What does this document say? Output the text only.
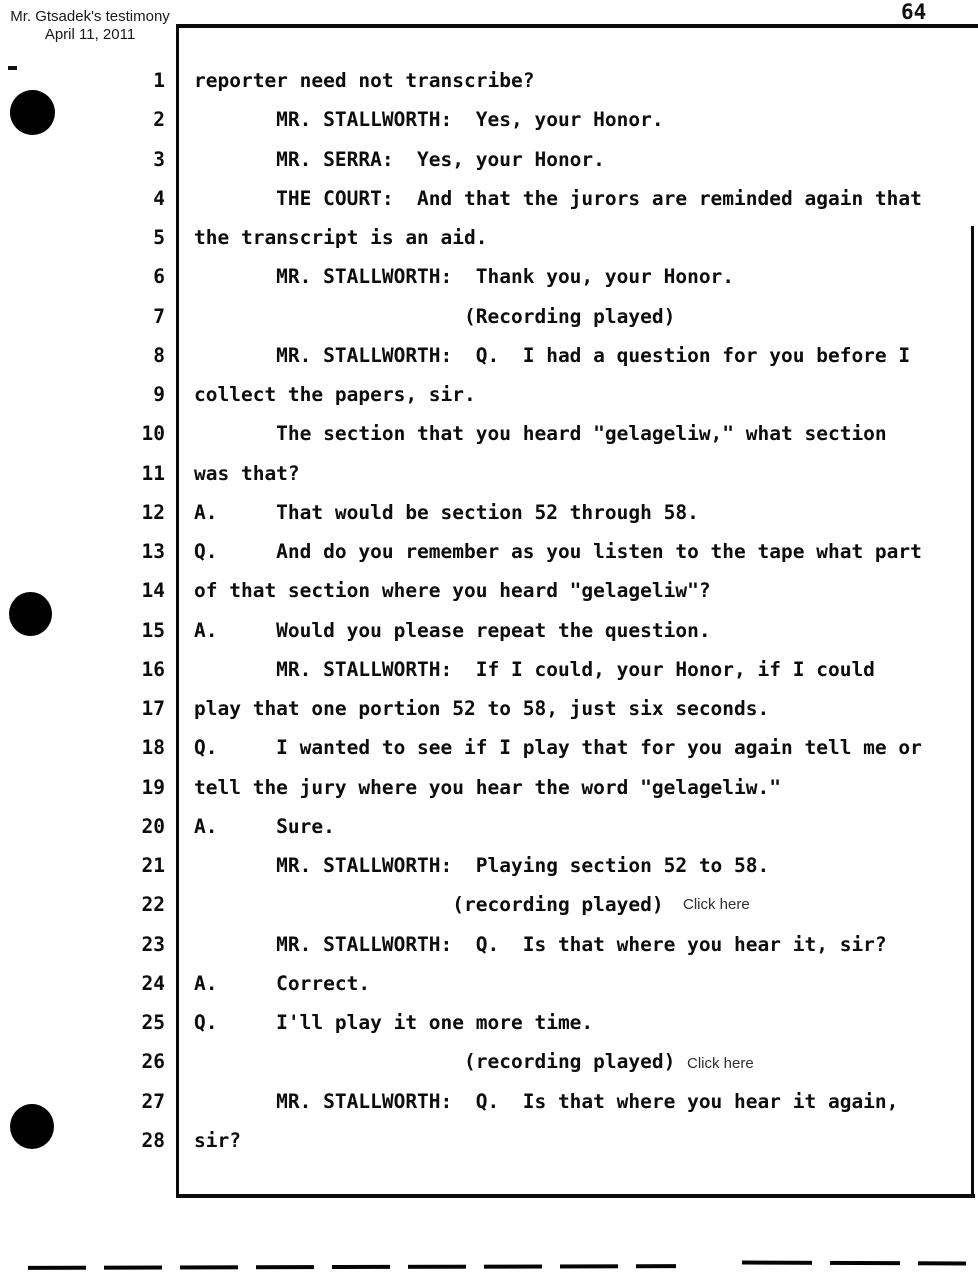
Mr. Gtsadek's testimony
April 11, 2011
64
1 reporter need not transcribe?
2       MR. STALLWORTH:  Yes, your Honor.
3       MR. SERRA:  Yes, your Honor.
4       THE COURT:  And that the jurors are reminded again that
5 the transcript is an aid.
6       MR. STALLWORTH:  Thank you, your Honor.
7                       (Recording played)
8       MR. STALLWORTH:  Q.  I had a question for you before I
9 collect the papers, sir.
10       The section that you heard "gelageliw," what section
11 was that?
12 A.     That would be section 52 through 58.
13 Q.     And do you remember as you listen to the tape what part
14 of that section where you heard "gelageliw"?
15 A.     Would you please repeat the question.
16       MR. STALLWORTH:  If I could, your Honor, if I could
17 play that one portion 52 to 58, just six seconds.
18 Q.     I wanted to see if I play that for you again tell me or
19 tell the jury where you hear the word "gelageliw."
20 A.     Sure.
21       MR. STALLWORTH:  Playing section 52 to 58.
22                      (recording played)
23       MR. STALLWORTH:  Q.  Is that where you hear it, sir?
24 A.     Correct.
25 Q.     I'll play it one more time.
26                       (recording played)
27       MR. STALLWORTH:  Q.  Is that where you hear it again,
28 sir?
Click here
Click here
